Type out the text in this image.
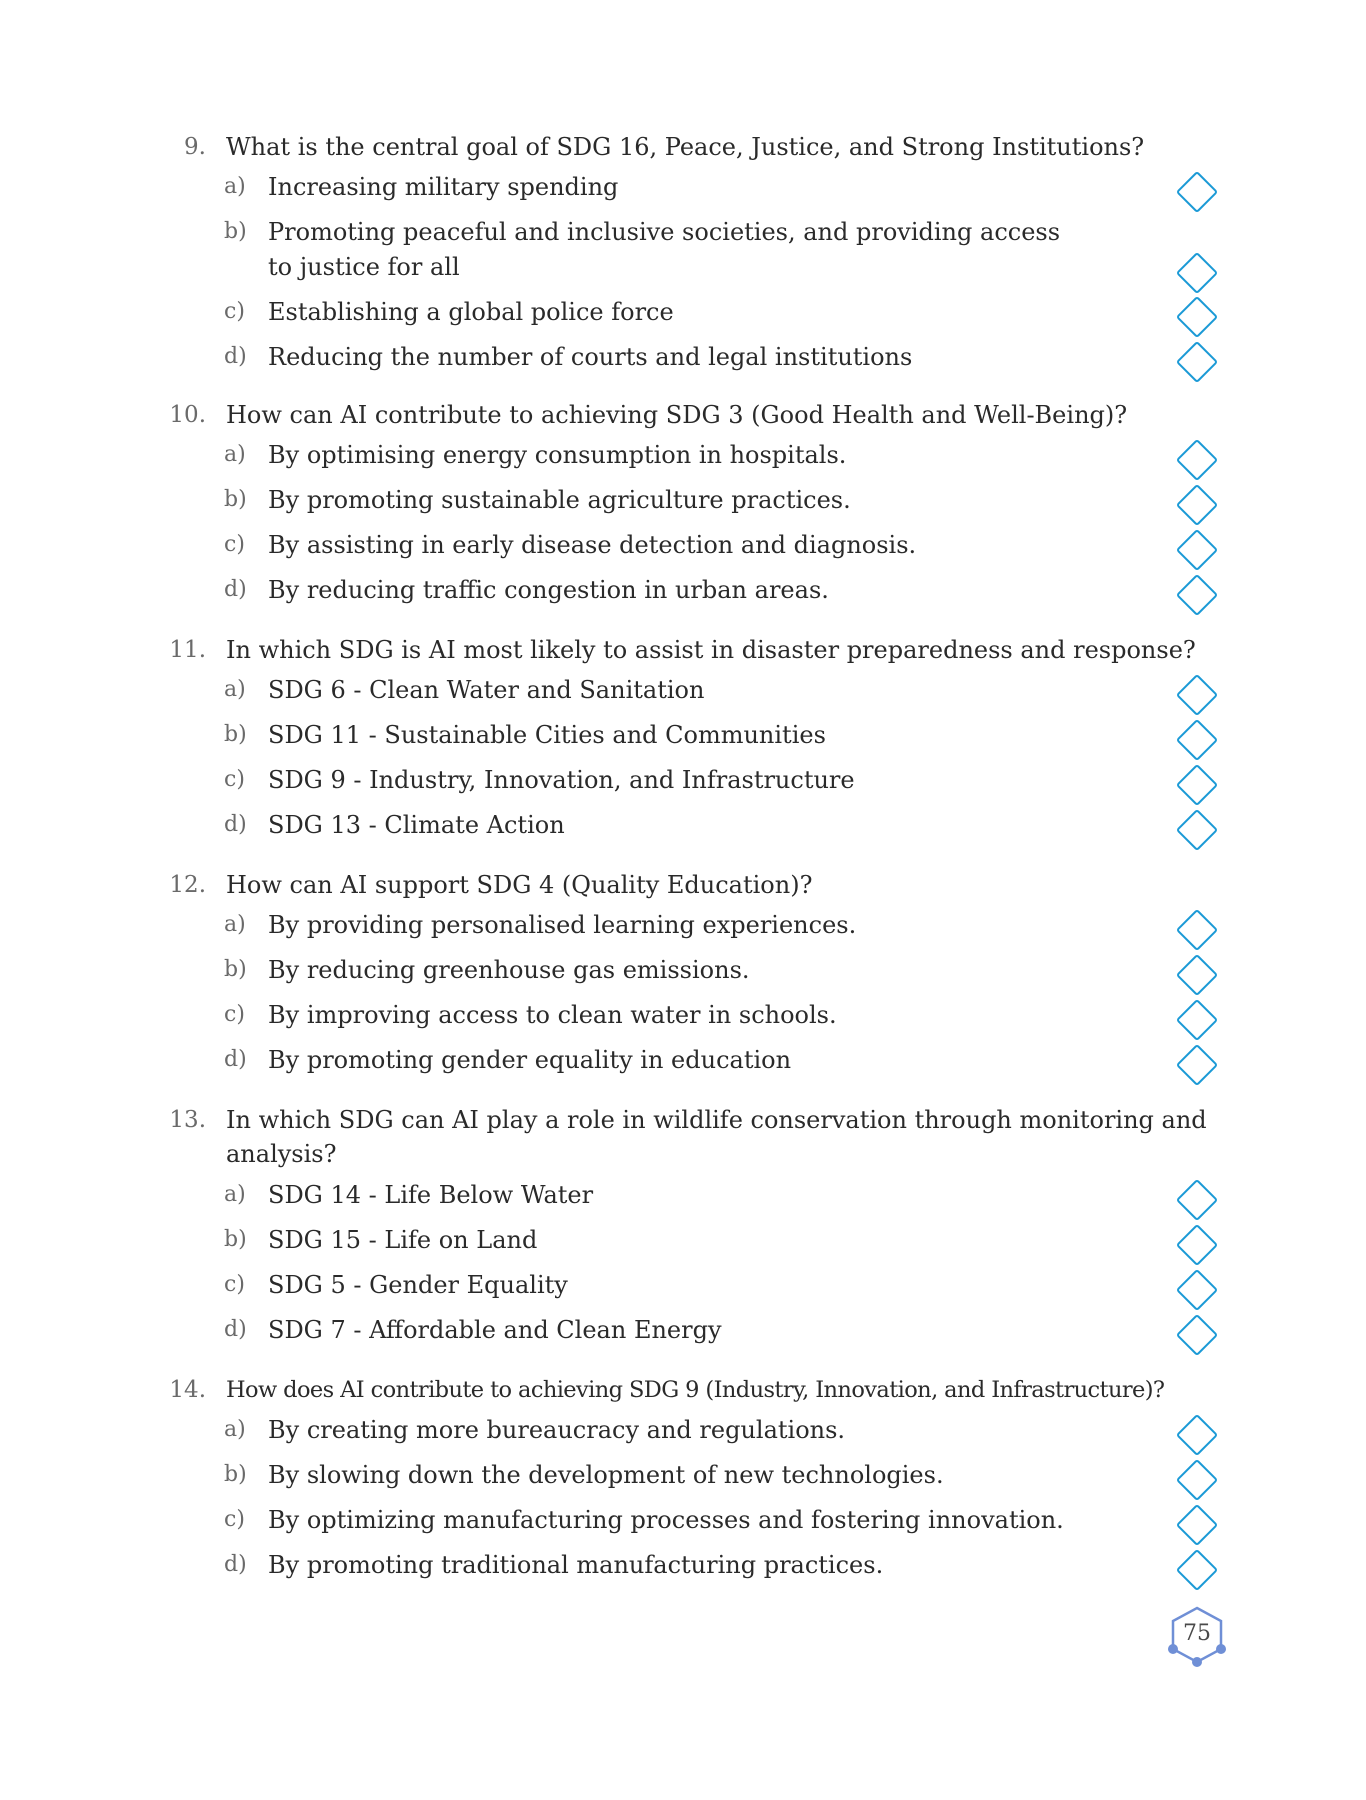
9. What is the central goal of SDG 16, Peace, Justice, and Strong Institutions?
a) Increasing military spending
b) Promoting peaceful and inclusive societies, and providing access
to justice for all
c) Establishing a global police force
d) Reducing the number of courts and legal institutions
10. How can AI contribute to achieving SDG 3 (Good Health and Well-Being)?
a) By optimising energy consumption in hospitals.
b) By promoting sustainable agriculture practices.
c) By assisting in early disease detection and diagnosis.
d) By reducing traffic congestion in urban areas.
11. In which SDG is AI most likely to assist in disaster preparedness and response?
a) SDG 6 - Clean Water and Sanitation
b) SDG 11 - Sustainable Cities and Communities
c) SDG 9 - Industry, Innovation, and Infrastructure
d) SDG 13 - Climate Action
12. How can AI support SDG 4 (Quality Education)?
a) By providing personalised learning experiences.
b) By reducing greenhouse gas emissions.
c) By improving access to clean water in schools.
d) By promoting gender equality in education
13. In which SDG can AI play a role in wildlife conservation through monitoring and
analysis?
a) SDG 14 - Life Below Water
b) SDG 15 - Life on Land
c) SDG 5 - Gender Equality
d) SDG 7 - Affordable and Clean Energy
14. How does AI contribute to achieving SDG 9 (Industry, Innovation, and Infrastructure)?
a) By creating more bureaucracy and regulations.
b) By slowing down the development of new technologies.
c) By optimizing manufacturing processes and fostering innovation.
d) By promoting traditional manufacturing practices.
75
